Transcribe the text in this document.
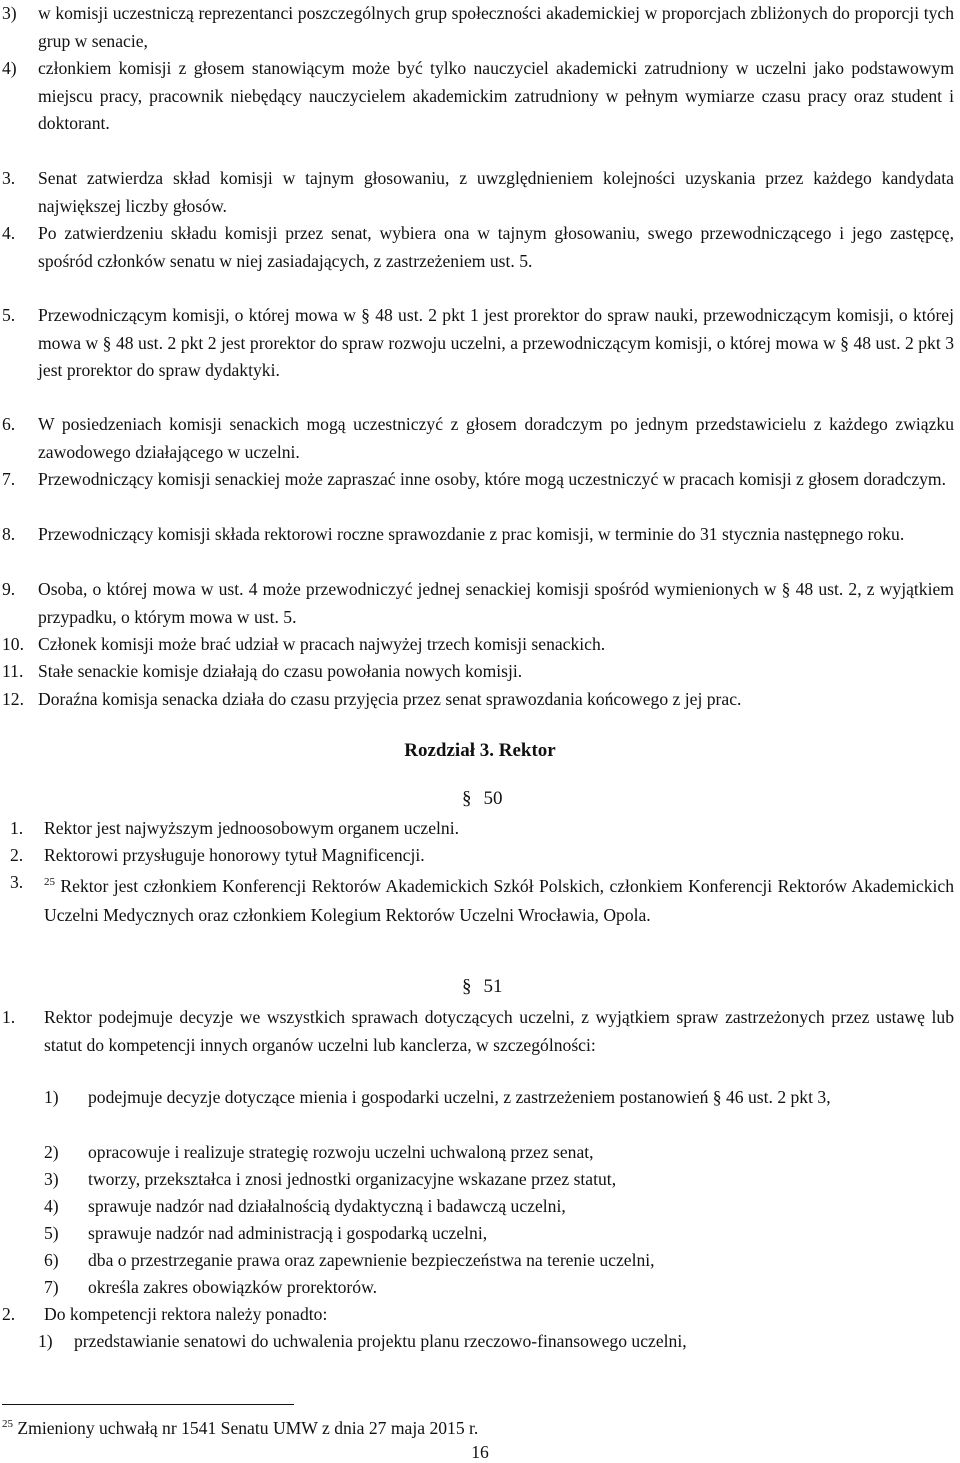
3) w komisji uczestniczą reprezentanci poszczególnych grup społeczności akademickiej w proporcjach zbliżonych do proporcji tych grup w senacie,
4) członkiem komisji z głosem stanowiącym może być tylko nauczyciel akademicki zatrudniony w uczelni jako podstawowym miejscu pracy, pracownik niebędący nauczycielem akademickim zatrudniony w pełnym wymiarze czasu pracy oraz student i doktorant.
3. Senat zatwierdza skład komisji w tajnym głosowaniu, z uwzględnieniem kolejności uzyskania przez każdego kandydata największej liczby głosów.
4. Po zatwierdzeniu składu komisji przez senat, wybiera ona w tajnym głosowaniu, swego przewodniczącego i jego zastępcę, spośród członków senatu w niej zasiadających, z zastrzeżeniem ust. 5.
5. Przewodniczącym komisji, o której mowa w § 48 ust. 2 pkt 1 jest prorektor do spraw nauki, przewodniczącym komisji, o której mowa w § 48 ust. 2 pkt 2 jest prorektor do spraw rozwoju uczelni, a przewodniczącym komisji, o której mowa w § 48 ust. 2 pkt 3 jest prorektor do spraw dydaktyki.
6. W posiedzeniach komisji senackich mogą uczestniczyć z głosem doradczym po jednym przedstawicielu z każdego związku zawodowego działającego w uczelni.
7. Przewodniczący komisji senackiej może zapraszać inne osoby, które mogą uczestniczyć w pracach komisji z głosem doradczym.
8. Przewodniczący komisji składa rektorowi roczne sprawozdanie z prac komisji, w terminie do 31 stycznia następnego roku.
9. Osoba, o której mowa w ust. 4 może przewodniczyć jednej senackiej komisji spośród wymienionych w § 48 ust. 2, z wyjątkiem przypadku, o którym mowa w ust. 5.
10. Członek komisji może brać udział w pracach najwyżej trzech komisji senackich.
11. Stałe senackie komisje działają do czasu powołania nowych komisji.
12. Doraźna komisja senacka działa do czasu przyjęcia przez senat sprawozdania końcowego z jej prac.
Rozdział 3. Rektor
§ 50
1. Rektor jest najwyższym jednoosobowym organem uczelni.
2. Rektorowi przysługuje honorowy tytuł Magnificencji.
3. $^{25}$ Rektor jest członkiem Konferencji Rektorów Akademickich Szkół Polskich, członkiem Konferencji Rektorów Akademickich Uczelni Medycznych oraz członkiem Kolegium Rektorów Uczelni Wrocławia, Opola.
§ 51
1. Rektor podejmuje decyzje we wszystkich sprawach dotyczących uczelni, z wyjątkiem spraw zastrzeżonych przez ustawę lub statut do kompetencji innych organów uczelni lub kanclerza, w szczególności:
1) podejmuje decyzje dotyczące mienia i gospodarki uczelni, z zastrzeżeniem postanowień § 46 ust. 2 pkt 3,
2) opracowuje i realizuje strategię rozwoju uczelni uchwaloną przez senat,
3) tworzy, przekształca i znosi jednostki organizacyjne wskazane przez statut,
4) sprawuje nadzór nad działalnością dydaktyczną i badawczą uczelni,
5) sprawuje nadzór nad administracją i gospodarką uczelni,
6) dba o przestrzeganie prawa oraz zapewnienie bezpieczeństwa na terenie uczelni,
7) określa zakres obowiązków prorektorów.
2. Do kompetencji rektora należy ponadto:
1) przedstawianie senatowi do uchwalenia projektu planu rzeczowo-finansowego uczelni,
$^{25}$ Zmieniony uchwałą nr 1541 Senatu UMW z dnia 27 maja 2015 r.
16
